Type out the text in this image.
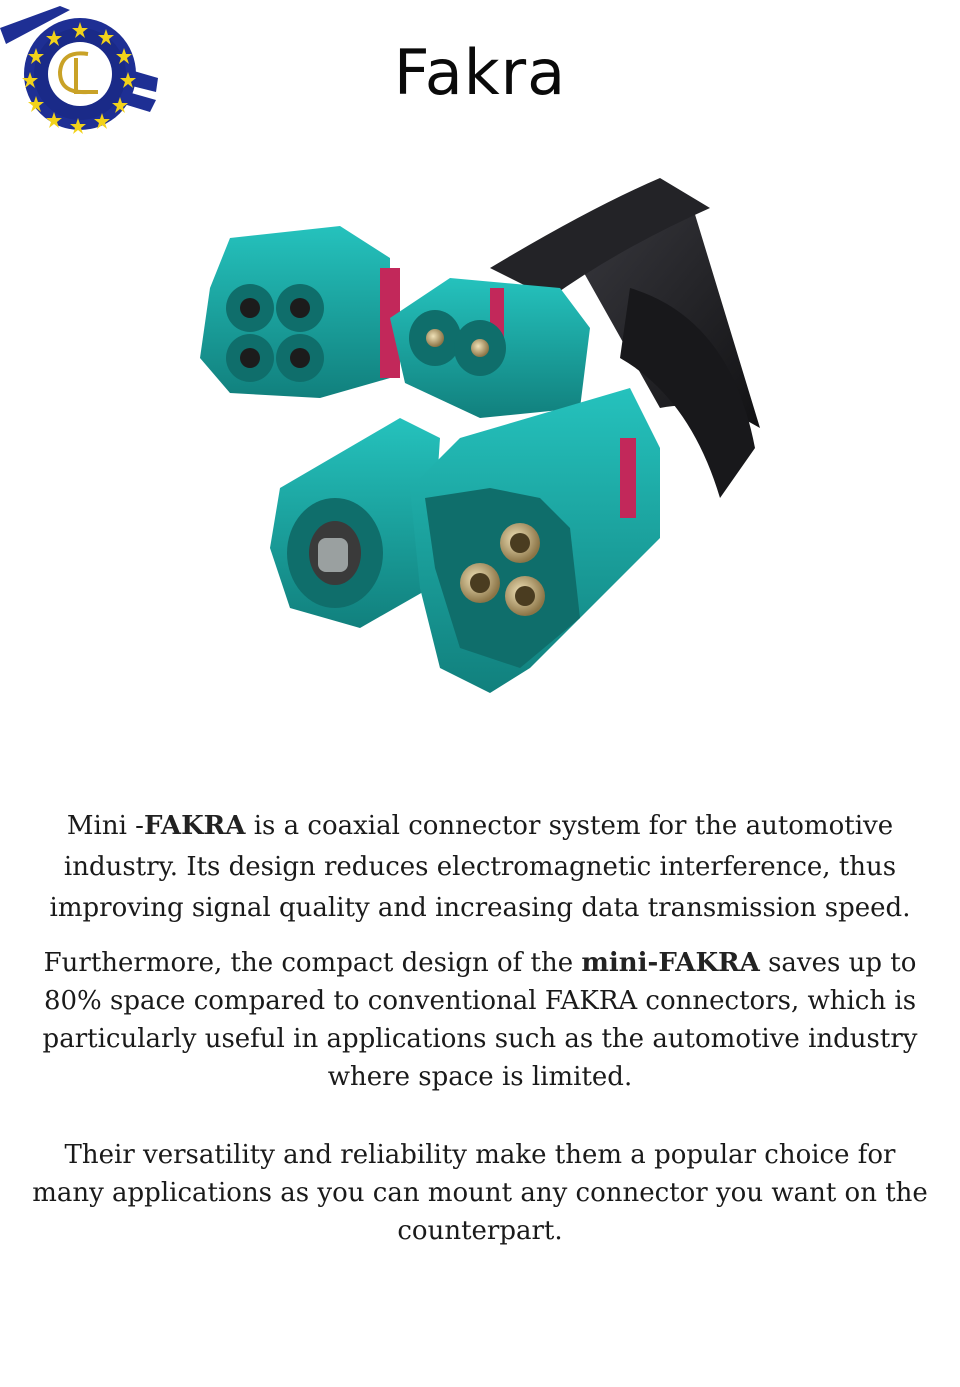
Fakra

Mini -FAKRA is a coaxial connector system for the automotive industry. Its design reduces electromagnetic interference, thus improving signal quality and increasing data transmission speed.

Furthermore, the compact design of the mini-FAKRA saves up to 80% space compared to conventional FAKRA connectors, which is particularly useful in applications such as the automotive industry where space is limited.

Their versatility and reliability make them a popular choice for many applications as you can mount any connector you want on the counterpart.
